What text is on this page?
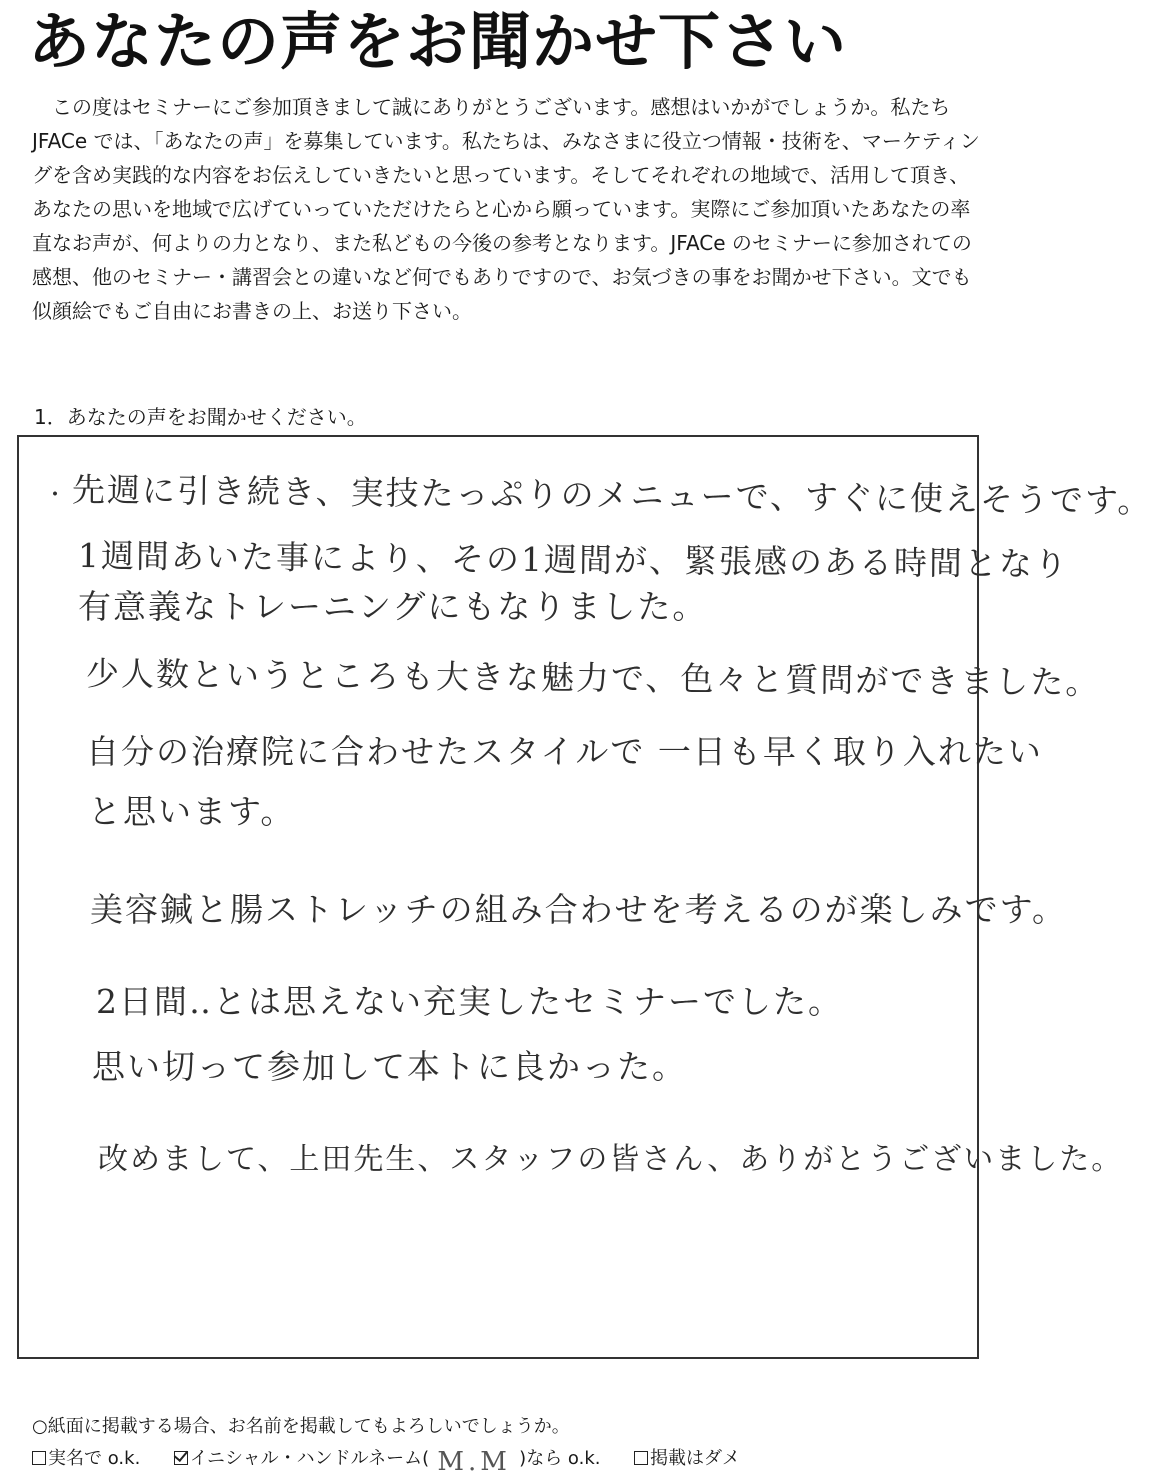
あなたの声をお聞かせ下さい

この度はセミナーにご参加頂きまして誠にありがとうございます。感想はいかがでしょうか。私たち JFACe では、「あなたの声」を募集しています。私たちは、みなさまに役立つ情報・技術を、マーケティングを含め実践的な内容をお伝えしていきたいと思っています。そしてそれぞれの地域で、活用して頂き、あなたの思いを地域で広げていっていただけたらと心から願っています。実際にご参加頂いたあなたの率直なお声が、何よりの力となり、また私どもの今後の参考となります。JFACe のセミナーに参加されての感想、他のセミナー・講習会との違いなど何でもありですので、お気づきの事をお聞かせ下さい。文でも似顔絵でもご自由にお書きの上、お送り下さい。

1．あなたの声をお聞かせください。
・ 先週に引き続き、実技たっぷりのメニューで、すぐに使えそうです。
1週間あいた事により、その1週間が、緊張感のある時間となり
有意義なトレーニングにもなりました。
少人数というところも大きな魅力で、色々と質問ができました。
自分の治療院に合わせたスタイルで 一日も早く取り入れたい
と思います。
美容鍼と腸ストレッチの組み合わせを考えるのが楽しみです。
2日間‥とは思えない充実したセミナーでした。
思い切って参加して本トに良かった。
改めまして、上田先生、スタッフの皆さん、ありがとうございました。
○紙面に掲載する場合、お名前を掲載してもよろしいでしょうか。
実名で o.k.	イニシャル・ハンドルネーム( M.M )なら o.k.	掲載はダメ
